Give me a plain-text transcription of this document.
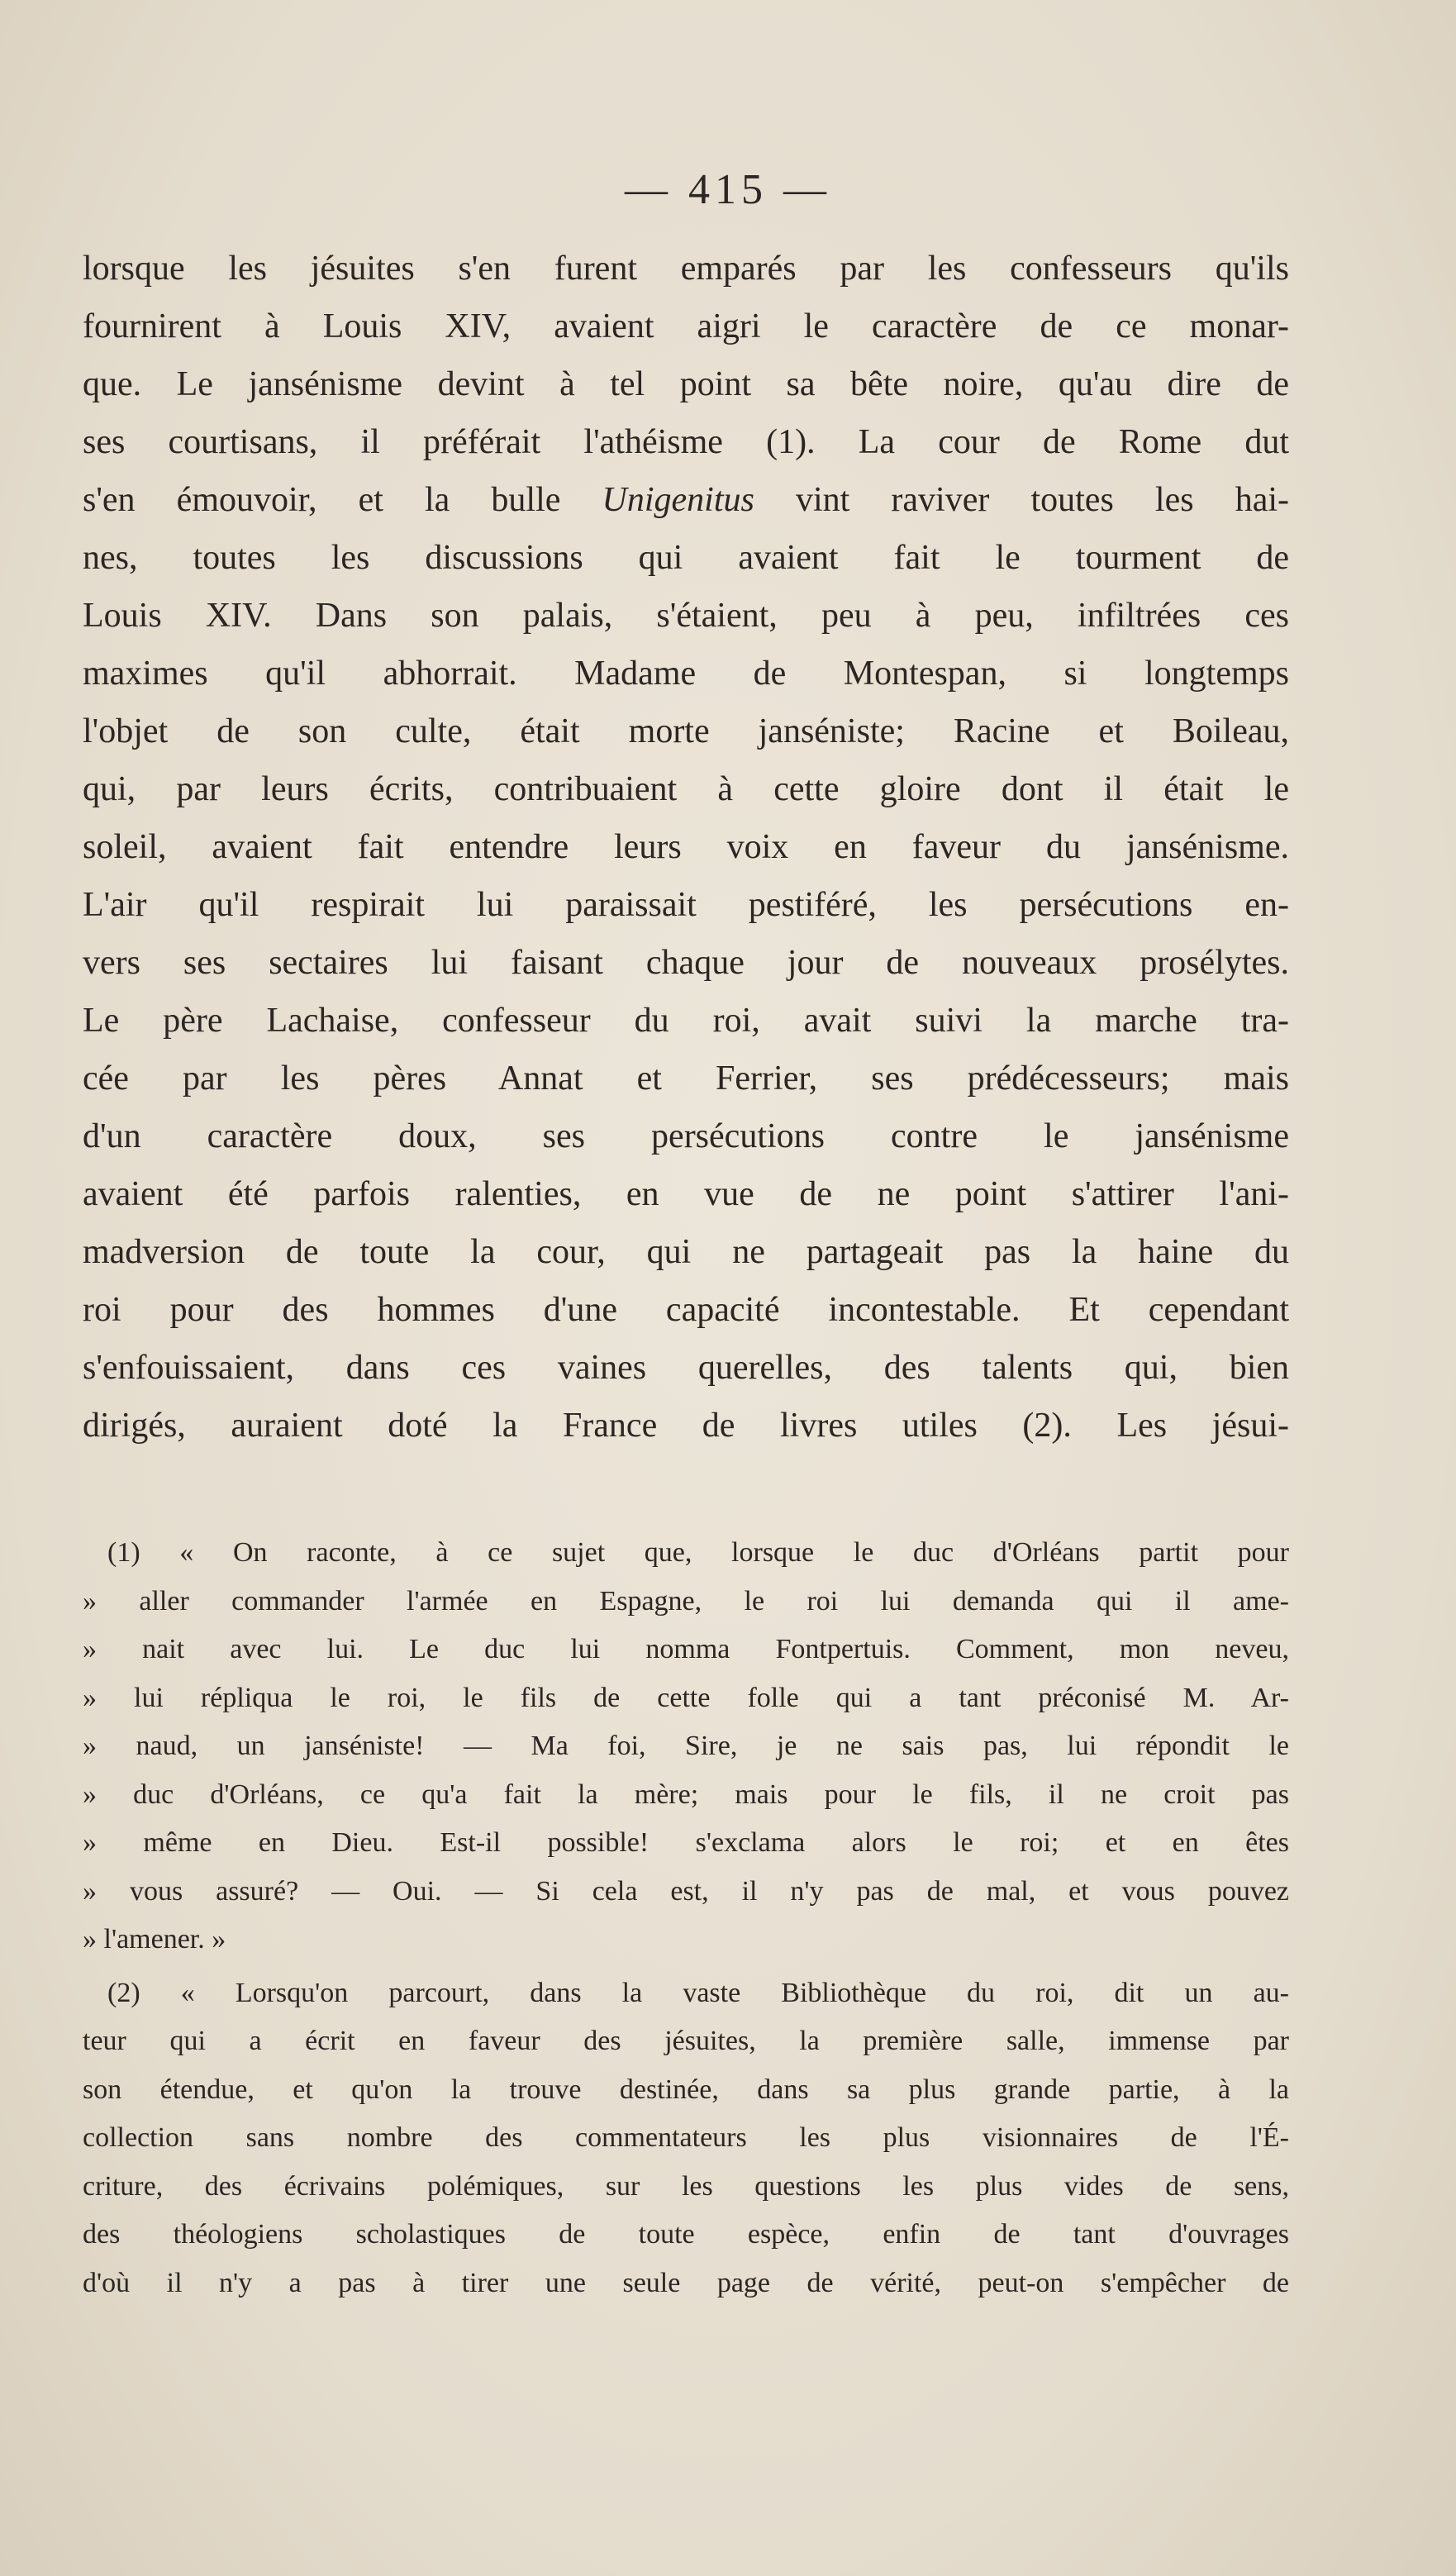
— 415 —
lorsque les jésuites s'en furent emparés par les confesseurs qu'ils
fournirent à Louis XIV, avaient aigri le caractère de ce monar-
que. Le jansénisme devint à tel point sa bête noire, qu'au dire de
ses courtisans, il préférait l'athéisme (1). La cour de Rome dut
s'en émouvoir, et la bulle Unigenitus vint raviver toutes les hai-
nes, toutes les discussions qui avaient fait le tourment de
Louis XIV. Dans son palais, s'étaient, peu à peu, infiltrées ces
maximes qu'il abhorrait. Madame de Montespan, si longtemps
l'objet de son culte, était morte janséniste; Racine et Boileau,
qui, par leurs écrits, contribuaient à cette gloire dont il était le
soleil, avaient fait entendre leurs voix en faveur du jansénisme.
L'air qu'il respirait lui paraissait pestiféré, les persécutions en-
vers ses sectaires lui faisant chaque jour de nouveaux prosélytes.
Le père Lachaise, confesseur du roi, avait suivi la marche tra-
cée par les pères Annat et Ferrier, ses prédécesseurs; mais
d'un caractère doux, ses persécutions contre le jansénisme
avaient été parfois ralenties, en vue de ne point s'attirer l'ani-
madversion de toute la cour, qui ne partageait pas la haine du
roi pour des hommes d'une capacité incontestable. Et cependant
s'enfouissaient, dans ces vaines querelles, des talents qui, bien
dirigés, auraient doté la France de livres utiles (2). Les jésui-
(1) « On raconte, à ce sujet que, lorsque le duc d'Orléans partit pour
» aller commander l'armée en Espagne, le roi lui demanda qui il ame-
» nait avec lui. Le duc lui nomma Fontpertuis. Comment, mon neveu,
» lui répliqua le roi, le fils de cette folle qui a tant préconisé M. Ar-
» naud, un janséniste! — Ma foi, Sire, je ne sais pas, lui répondit le
» duc d'Orléans, ce qu'a fait la mère; mais pour le fils, il ne croit pas
» même en Dieu. Est-il possible! s'exclama alors le roi; et en êtes
» vous assuré? — Oui. — Si cela est, il n'y pas de mal, et vous pouvez
» l'amener. »
(2) « Lorsqu'on parcourt, dans la vaste Bibliothèque du roi, dit un au-
teur qui a écrit en faveur des jésuites, la première salle, immense par
son étendue, et qu'on la trouve destinée, dans sa plus grande partie, à la
collection sans nombre des commentateurs les plus visionnaires de l'É-
criture, des écrivains polémiques, sur les questions les plus vides de sens,
des théologiens scholastiques de toute espèce, enfin de tant d'ouvrages
d'où il n'y a pas à tirer une seule page de vérité, peut-on s'empêcher de
